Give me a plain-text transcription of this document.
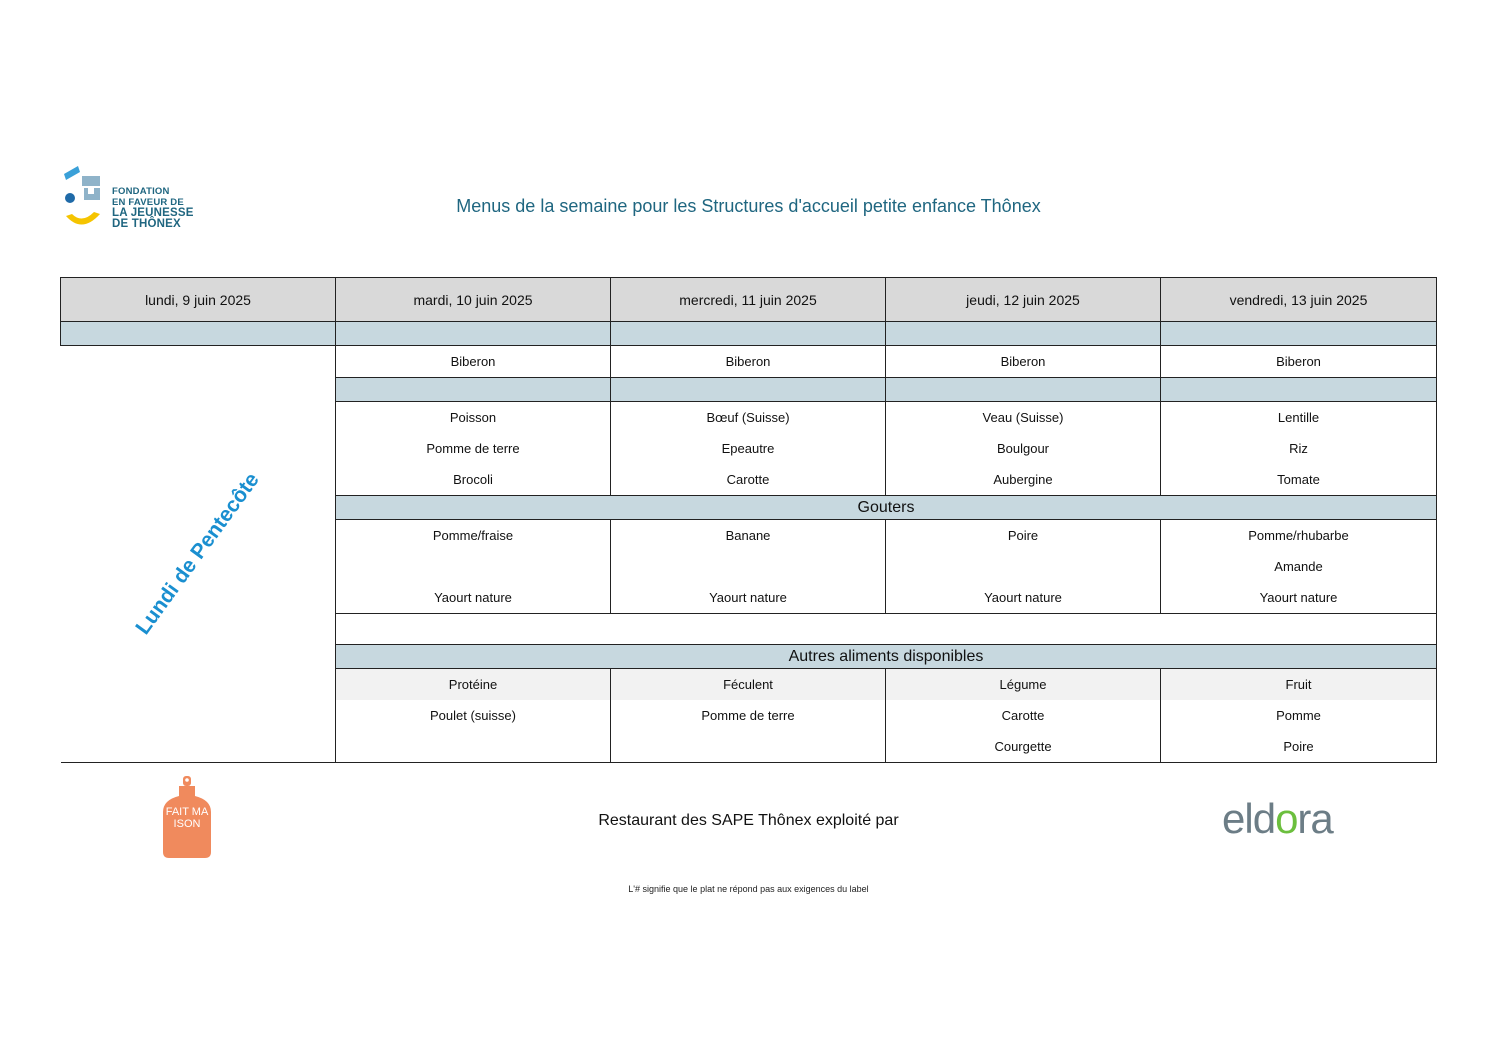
FONDATION
EN FAVEUR DE
LA JEUNESSE
DE THÔNEX
Menus de la semaine pour les Structures d'accueil petite enfance Thônex
lundi, 9 juin 2025	mardi, 10 juin 2025	mercredi, 11 juin 2025	jeudi, 12 juin 2025	vendredi, 13 juin 2025

Lundi de Pentecôte	Biberon	Biberon	Biberon	Biberon

	Poisson	Bœuf (Suisse)	Veau (Suisse)	Lentille
	Pomme de terre	Epeautre	Boulgour	Riz
	Brocoli	Carotte	Aubergine	Tomate
	Gouters			
	Pomme/fraise	Banane	Poire	Pomme/rhubarbe
				Amande
	Yaourt nature	Yaourt nature	Yaourt nature	Yaourt nature

	Autres aliments disponibles			
	Protéine	Féculent	Légume	Fruit
	Poulet (suisse)	Pomme de terre	Carotte	Pomme
			Courgette	Poire
FAIT MAISON	Restaurant des SAPE Thônex exploité par	eldora
L'# signifie que le plat ne répond pas aux exigences du label
